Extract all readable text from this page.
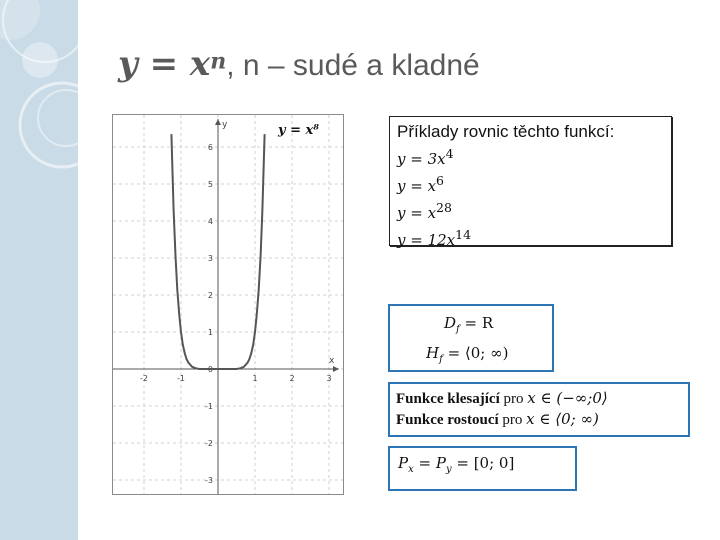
$y = x^n$, n – sudé a kladné
x
y
-2	-1	1	2	3
6
5
4
3
2
1
0
-1
-2
-3
y = x⁸	Příklady rovnic těchto funkcí:
$y = 3x^4$
$y = x^6$
$y = x^{28}$
$y = 12x^{14}$
$D_f = R$
$H_f$ = ⟨0; ∞)
Funkce klesající pro x ∈ (−∞;0⟩
Funkce rostoucí pro x ∈ ⟨0; ∞)
$P_x = P_y = [0$; 0]
